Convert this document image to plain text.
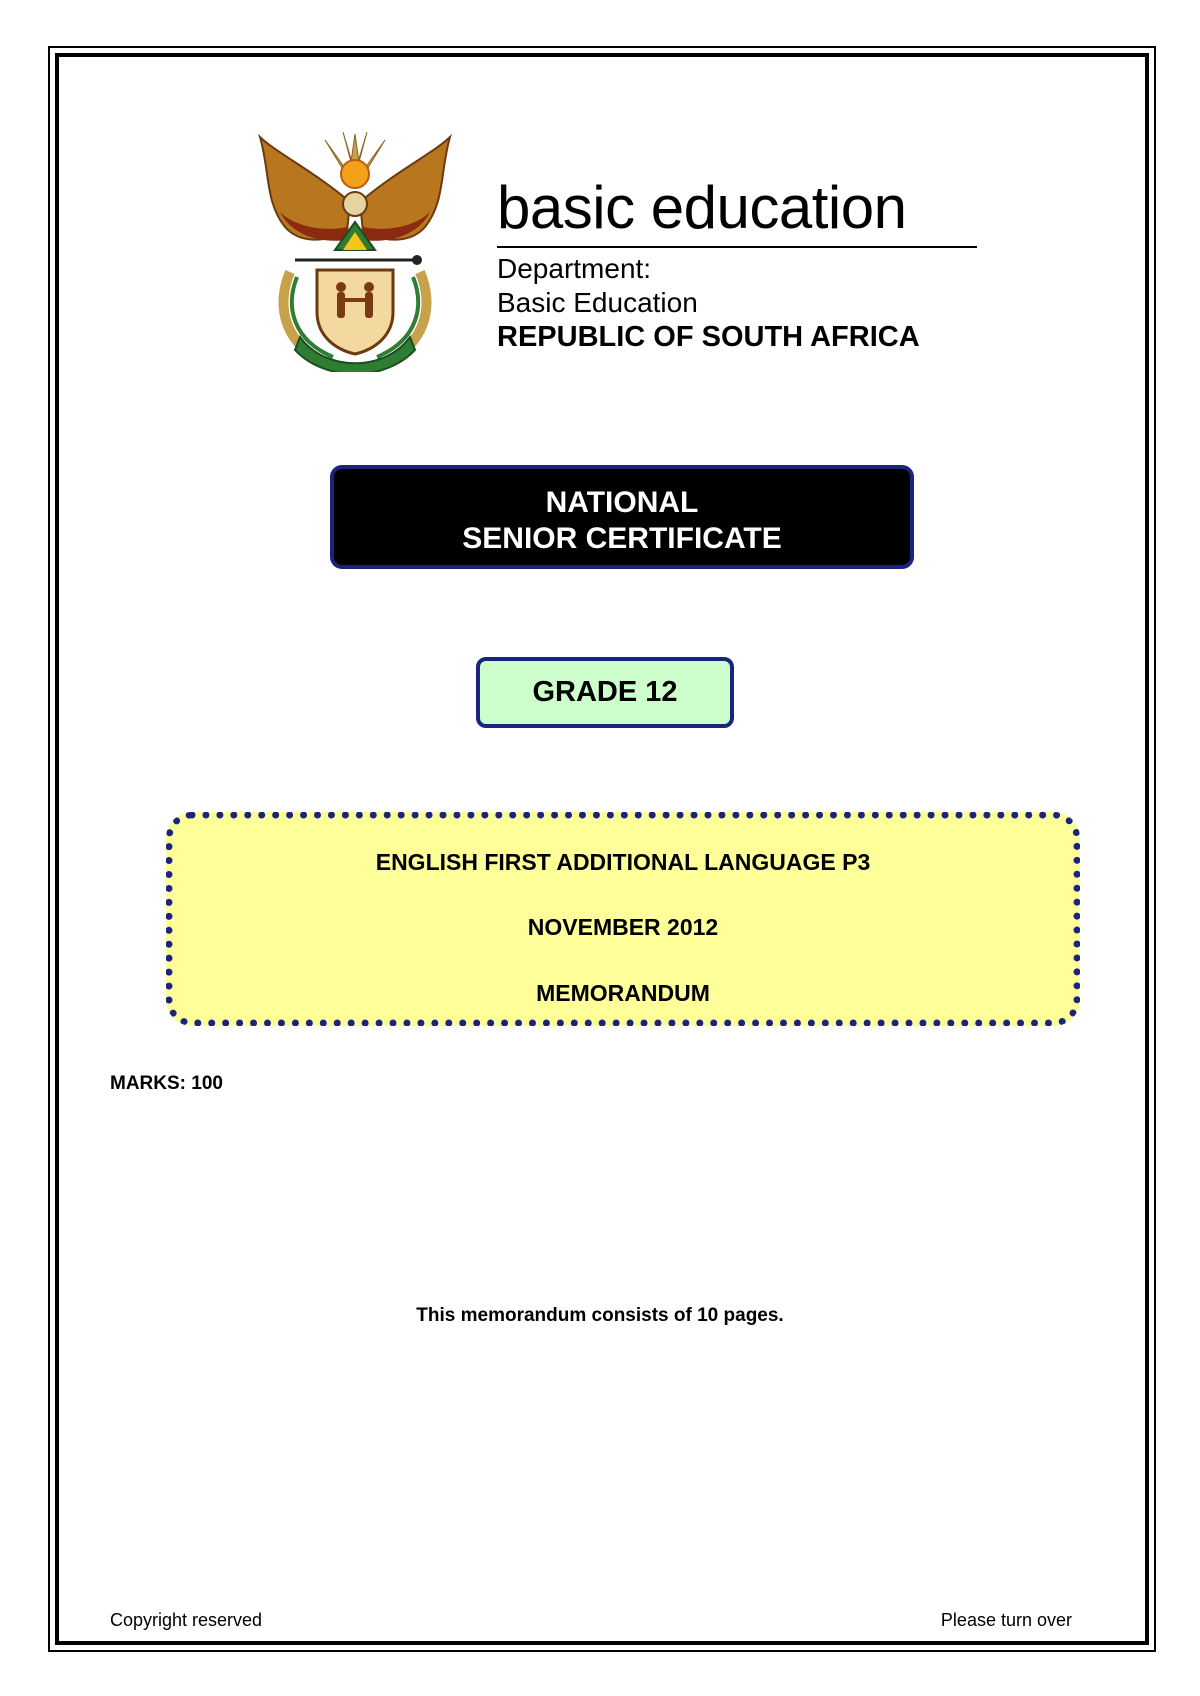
basic education
Department:
Basic Education
REPUBLIC OF SOUTH AFRICA
NATIONAL
SENIOR CERTIFICATE
GRADE 12
ENGLISH FIRST ADDITIONAL LANGUAGE P3
NOVEMBER 2012
MEMORANDUM
MARKS: 100
This memorandum consists of 10 pages.
Copyright reserved	Please turn over
